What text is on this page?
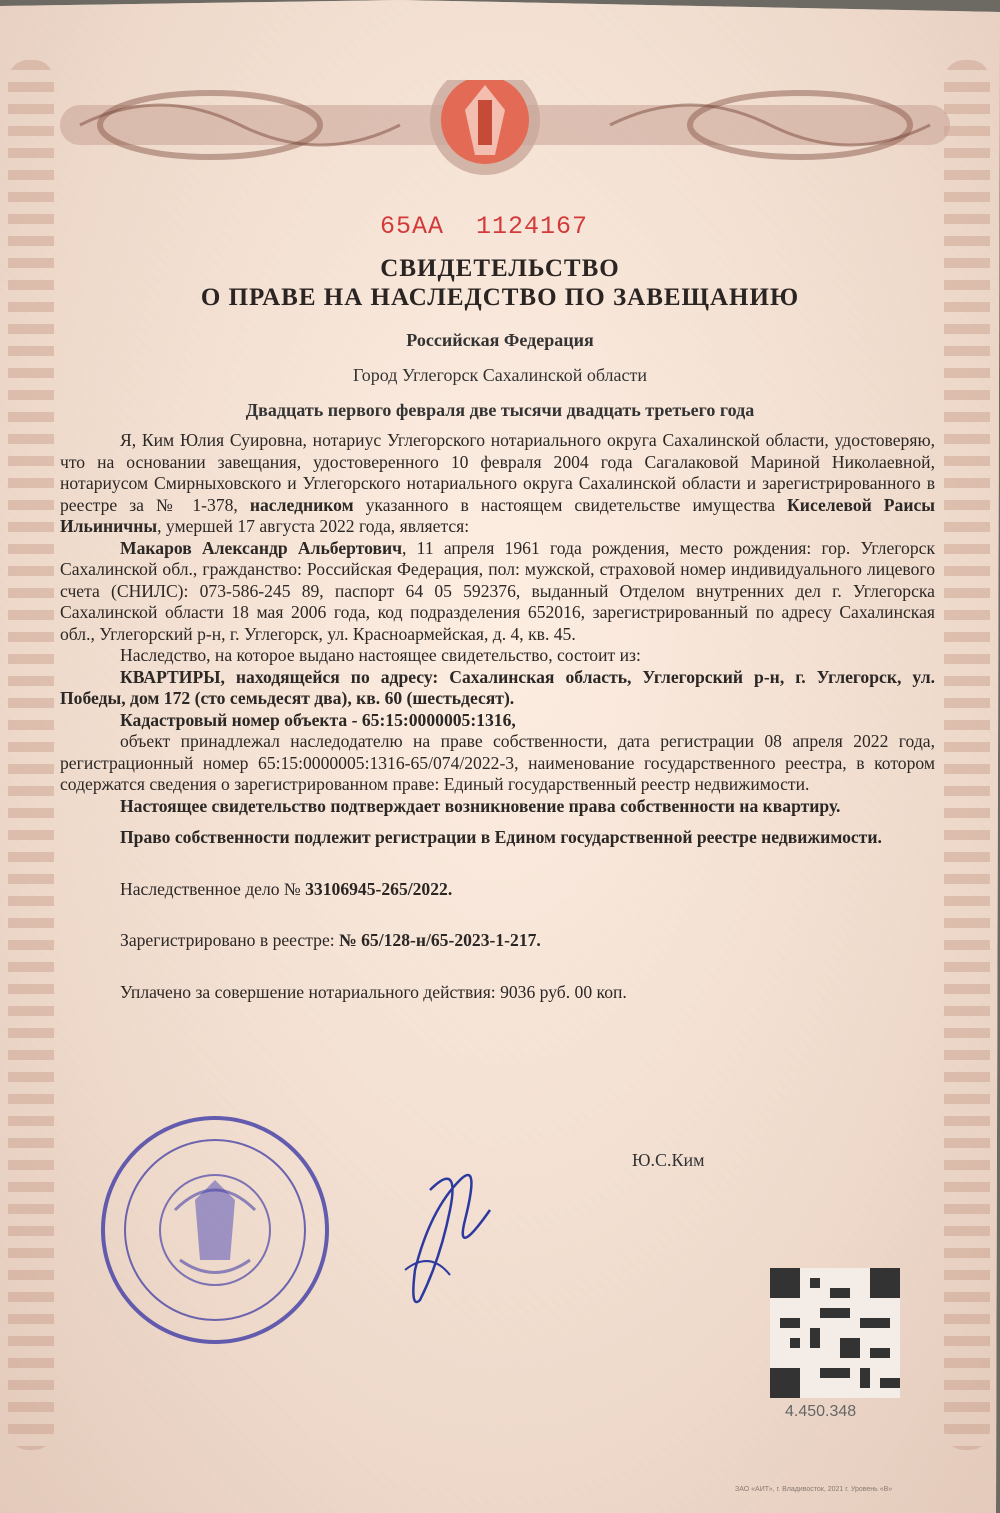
65АА 1124167
СВИДЕТЕЛЬСТВО
О ПРАВЕ НА НАСЛЕДСТВО ПО ЗАВЕЩАНИЮ
Российская Федерация
Город Углегорск Сахалинской области
Двадцать первого февраля две тысячи двадцать третьего года

Я, Ким Юлия Суировна, нотариус Углегорского нотариального округа Сахалинской области, удостоверяю, что на основании завещания, удостоверенного 10 февраля 2004 года Сагалаковой Мариной Николаевной, нотариусом Смирныховского и Углегорского нотариального округа Сахалинской области и зарегистрированного в реестре за № 1-378, наследником указанного в настоящем свидетельстве имущества Киселевой Раисы Ильиничны, умершей 17 августа 2022 года, является:

Макаров Александр Альбертович, 11 апреля 1961 года рождения, место рождения: гор. Углегорск Сахалинской обл., гражданство: Российская Федерация, пол: мужской, страховой номер индивидуального лицевого счета (СНИЛС): 073-586-245 89, паспорт 64 05 592376, выданный Отделом внутренних дел г. Углегорска Сахалинской области 18 мая 2006 года, код подразделения 652016, зарегистрированный по адресу Сахалинская обл., Углегорский р-н, г. Углегорск, ул. Красноармейская, д. 4, кв. 45.

Наследство, на которое выдано настоящее свидетельство, состоит из:

КВАРТИРЫ, находящейся по адресу: Сахалинская область, Углегорский р-н, г. Углегорск, ул. Победы, дом 172 (сто семьдесят два), кв. 60 (шестьдесят).

Кадастровый номер объекта - 65:15:0000005:1316,

объект принадлежал наследодателю на праве собственности, дата регистрации 08 апреля 2022 года, регистрационный номер 65:15:0000005:1316-65/074/2022-3, наименование государственного реестра, в котором содержатся сведения о зарегистрированном праве: Единый государственный реестр недвижимости.

Настоящее свидетельство подтверждает возникновение права собственности на квартиру.

Право собственности подлежит регистрации в Едином государственной реестре недвижимости.

Наследственное дело № 33106945-265/2022.

Зарегистрировано в реестре: № 65/128-н/65-2023-1-217.

Уплачено за совершение нотариального действия: 9036 руб. 00 коп.

Ю.С.Ким
4.450.348
ЗАО «АИТ», г. Владивосток, 2021 г. Уровень «В»
